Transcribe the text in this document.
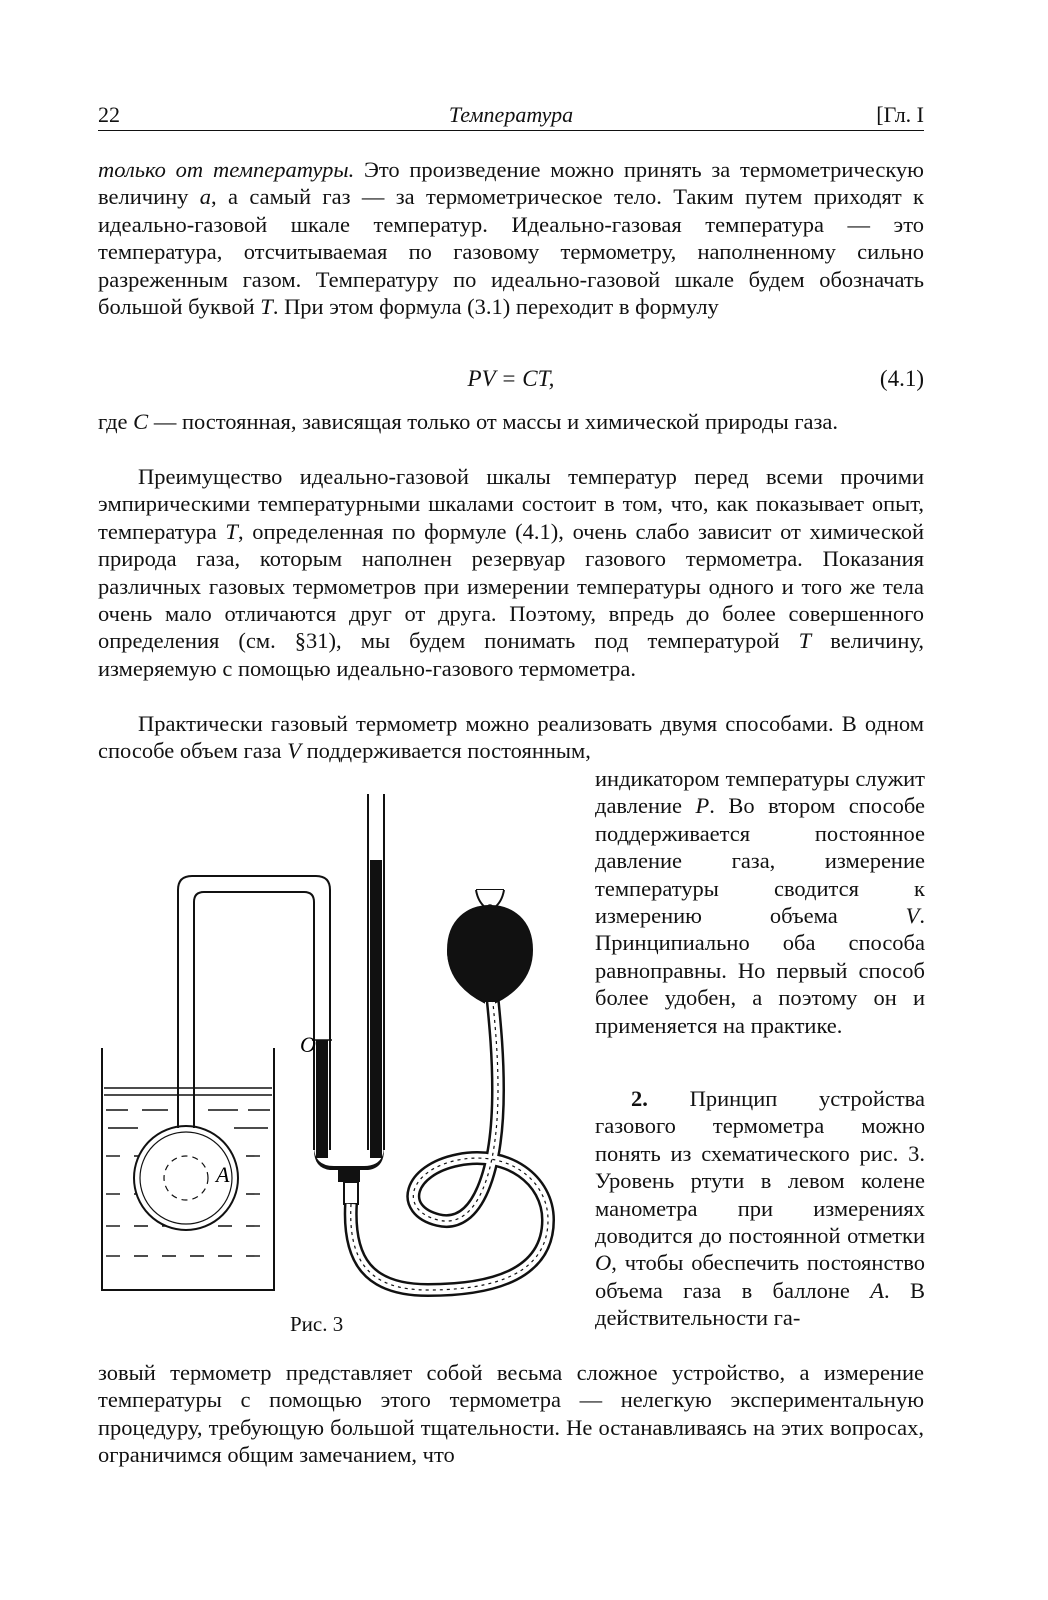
22	Температура	[Гл. I

только от температуры. Это произведение можно принять за термометрическую величину a, а самый газ — за термометрическое тело. Таким путем приходят к идеально-газовой шкале температур. Идеально-газовая температура — это температура, отсчитываемая по газовому термометру, наполненному сильно разреженным газом. Температуру по идеально-газовой шкале будем обозначать большой буквой T. При этом формула (3.1) переходит в формулу

PV = CT,	(4.1)

где C — постоянная, зависящая только от массы и химической природы газа.

Преимущество идеально-газовой шкалы температур перед всеми прочими эмпирическими температурными шкалами состоит в том, что, как показывает опыт, температура T, определенная по формуле (4.1), очень слабо зависит от химической природа газа, которым наполнен резервуар газового термометра. Показания различных газовых термометров при измерении температуры одного и того же тела очень мало отличаются друг от друга. Поэтому, впредь до более совершенного определения (см. §31), мы будем понимать под температурой T величину, измеряемую с помощью идеально-газового термометра.

Практически газовый термометр можно реализовать двумя способами. В одном способе объем газа V поддерживается постоянным,

индикатором температуры служит давление P. Во втором способе поддерживается постоянное давление газа, измерение температуры сводится к измерению объема V. Принципиально оба способа равноправны. Но первый способ более удобен, а поэтому он и применяется на практике.

2. Принцип устройства газового термометра можно понять из схематического рис. 3. Уровень ртути в левом колене манометра при измерениях доводится до постоянной отметки O, чтобы обеспечить постоянство объема газа в баллоне A. В действительности га-

зовый термометр представляет собой весьма сложное устройство, а измерение температуры с помощью этого термометра — нелегкую экспериментальную процедуру, требующую большой тщательности. Не останавливаясь на этих вопросах, ограничимся общим замечанием, что

A
O
Рис. 3
